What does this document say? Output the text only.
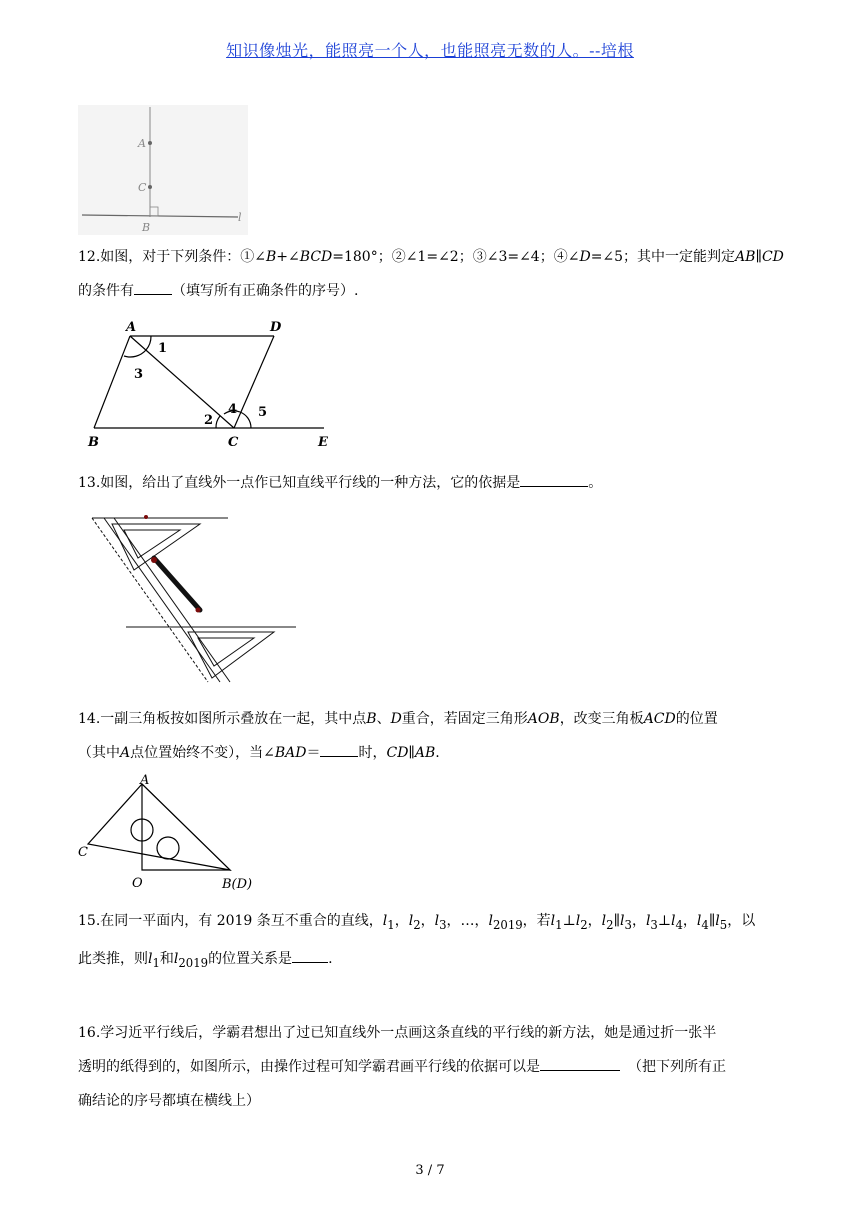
知识像烛光，能照亮一个人，也能照亮无数的人。--培根
A
C
B
l
12.如图，对于下列条件：①∠B+∠BCD=180°；②∠1=∠2；③∠3=∠4；④∠D=∠5；其中一定能判定AB∥CD
的条件有	（填写所有正确条件的序号）.
A	D
B	C	E
1
3
2
4 5
13.如图，给出了直线外一点作已知直线平行线的一种方法，它的依据是	。
14.一副三角板按如图所示叠放在一起，其中点B、D重合，若固定三角形AOB，改变三角板ACD的位置
（其中A点位置始终不变），当∠BAD＝	时，CD∥AB.
A
C
O	B(D)
15.在同一平面内，有 2019 条互不重合的直线，$l_1$，$l_2$，$l_3$，…，$l_{2019}$，若$l_1\perp l_2$，$l_2\parallel l_3$，$l_3\perp l_4$，$l_4\parallel l_5$，以
此类推，则$l_1$和$l_{2019}$的位置关系是	.
16.学习近平行线后，学霸君想出了过已知直线外一点画这条直线的平行线的新方法，她是通过折一张半
透明的纸得到的，如图所示，由操作过程可知学霸君画平行线的依据可以是	（把下列所有正
确结论的序号都填在横线上）
3 / 7
